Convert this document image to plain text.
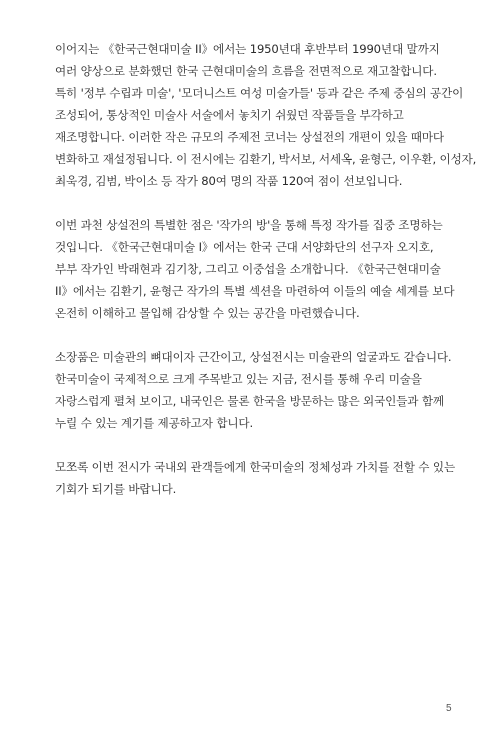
이어지는 《한국근현대미술 II》에서는 1950년대 후반부터 1990년대 말까지
여러 양상으로 분화했던 한국 근현대미술의 흐름을 전면적으로 재고찰합니다.
특히 '정부 수립과 미술', '모더니스트 여성 미술가들' 등과 같은 주제 중심의 공간이
조성되어, 통상적인 미술사 서술에서 놓치기 쉬웠던 작품들을 부각하고
재조명합니다. 이러한 작은 규모의 주제전 코너는 상설전의 개편이 있을 때마다
변화하고 재설정됩니다. 이 전시에는 김환기, 박서보, 서세옥, 윤형근, 이우환, 이성자,
최욱경, 김범, 박이소 등 작가 80여 명의 작품 120여 점이 선보입니다.

이번 과천 상설전의 특별한 점은 '작가의 방'을 통해 특정 작가를 집중 조명하는
것입니다. 《한국근현대미술 I》에서는 한국 근대 서양화단의 선구자 오지호,
부부 작가인 박래현과 김기창, 그리고 이중섭을 소개합니다. 《한국근현대미술
II》에서는 김환기, 윤형근 작가의 특별 섹션을 마련하여 이들의 예술 세계를 보다
온전히 이해하고 몰입해 감상할 수 있는 공간을 마련했습니다.

소장품은 미술관의 뼈대이자 근간이고, 상설전시는 미술관의 얼굴과도 같습니다.
한국미술이 국제적으로 크게 주목받고 있는 지금, 전시를 통해 우리 미술을
자랑스럽게 펼쳐 보이고, 내국인은 물론 한국을 방문하는 많은 외국인들과 함께
누릴 수 있는 계기를 제공하고자 합니다.

모쪼록 이번 전시가 국내외 관객들에게 한국미술의 정체성과 가치를 전할 수 있는
기회가 되기를 바랍니다.

5
